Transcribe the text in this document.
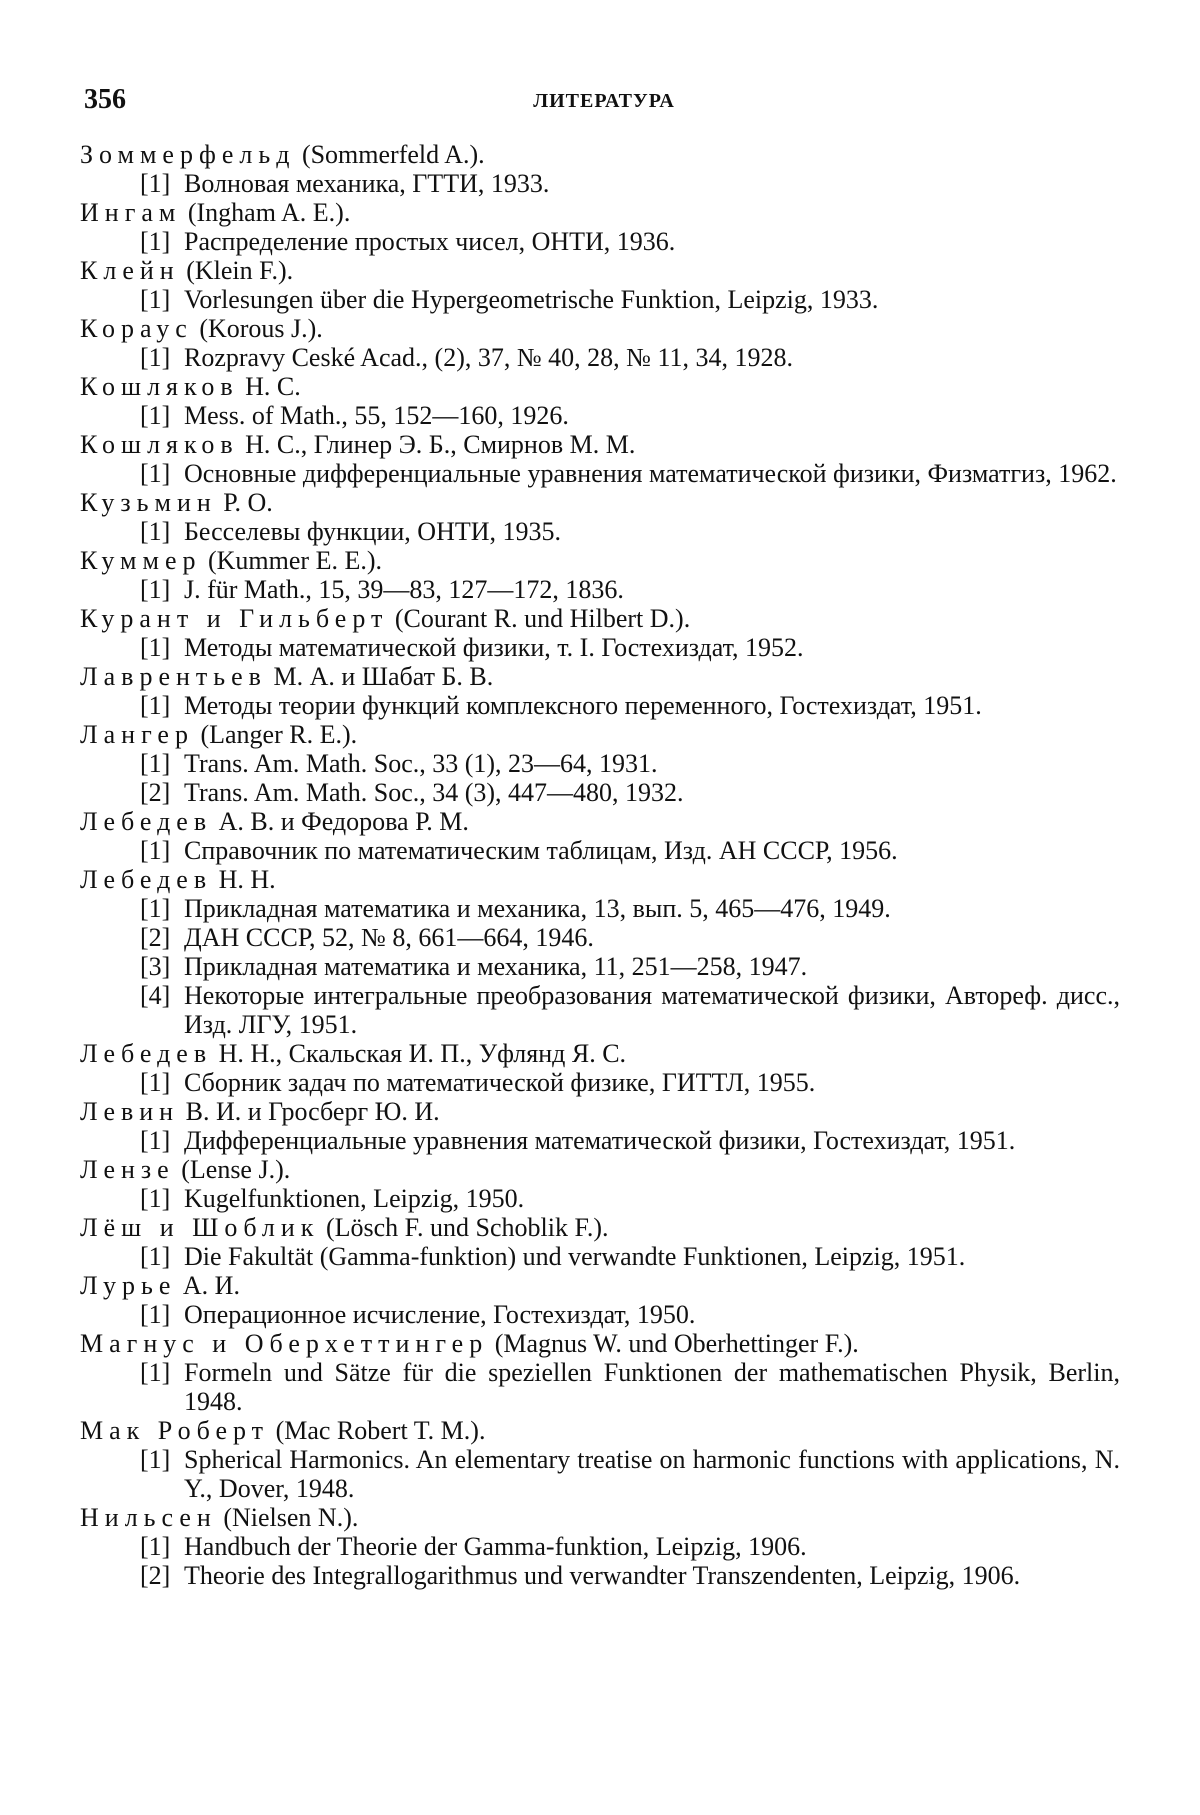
356	ЛИТЕРАТУРА
Зоммерфельд (Sommerfeld A.).
[1] Волновая механика, ГТТИ, 1933.
Ингам (Ingham A. E.).
[1] Распределение простых чисел, ОНТИ, 1936.
Клейн (Klein F.).
[1] Vorlesungen über die Hypergeometrische Funktion, Leipzig, 1933.
Кораус (Korous J.).
[1] Rozpravy Ceské Acad., (2), 37, № 40, 28, № 11, 34, 1928.
Кошляков Н. С.
[1] Mess. of Math., 55, 152—160, 1926.
Кошляков Н. С., Глинер Э. Б., Смирнов М. М.
[1] Основные дифференциальные уравнения математической физики, Физматгиз, 1962.
Кузьмин Р. О.
[1] Бесселевы функции, ОНТИ, 1935.
Куммер (Kummer E. E.).
[1] J. für Math., 15, 39—83, 127—172, 1836.
Курант и Гильберт (Courant R. und Hilbert D.).
[1] Методы математической физики, т. I. Гостехиздат, 1952.
Лаврентьев М. А. и Шабат Б. В.
[1] Методы теории функций комплексного переменного, Гостехиздат, 1951.
Лангер (Langer R. E.).
[1] Trans. Am. Math. Soc., 33 (1), 23—64, 1931.
[2] Trans. Am. Math. Soc., 34 (3), 447—480, 1932.
Лебедев А. В. и Федорова Р. М.
[1] Справочник по математическим таблицам, Изд. АН СССР, 1956.
Лебедев Н. Н.
[1] Прикладная математика и механика, 13, вып. 5, 465—476, 1949.
[2] ДАН СССР, 52, № 8, 661—664, 1946.
[3] Прикладная математика и механика, 11, 251—258, 1947.
[4] Некоторые интегральные преобразования математической физики, Автореф. дисс., Изд. ЛГУ, 1951.
Лебедев Н. Н., Скальская И. П., Уфлянд Я. С.
[1] Сборник задач по математической физике, ГИТТЛ, 1955.
Левин В. И. и Гросберг Ю. И.
[1] Дифференциальные уравнения математической физики, Гостехиздат, 1951.
Лензе (Lense J.).
[1] Kugelfunktionen, Leipzig, 1950.
Лёш и Шоблик (Lösch F. und Schoblik F.).
[1] Die Fakultät (Gamma-funktion) und verwandte Funktionen, Leipzig, 1951.
Лурье А. И.
[1] Операционное исчисление, Гостехиздат, 1950.
Магнус и Оберхеттингер (Magnus W. und Oberhettinger F.).
[1] Formeln und Sätze für die speziellen Funktionen der mathematischen Physik, Berlin, 1948.
Мак Роберт (Mac Robert T. M.).
[1] Spherical Harmonics. An elementary treatise on harmonic functions with applications, N. Y., Dover, 1948.
Нильсен (Nielsen N.).
[1] Handbuch der Theorie der Gamma-funktion, Leipzig, 1906.
[2] Theorie des Integrallogarithmus und verwandter Transzendenten, Leipzig, 1906.
